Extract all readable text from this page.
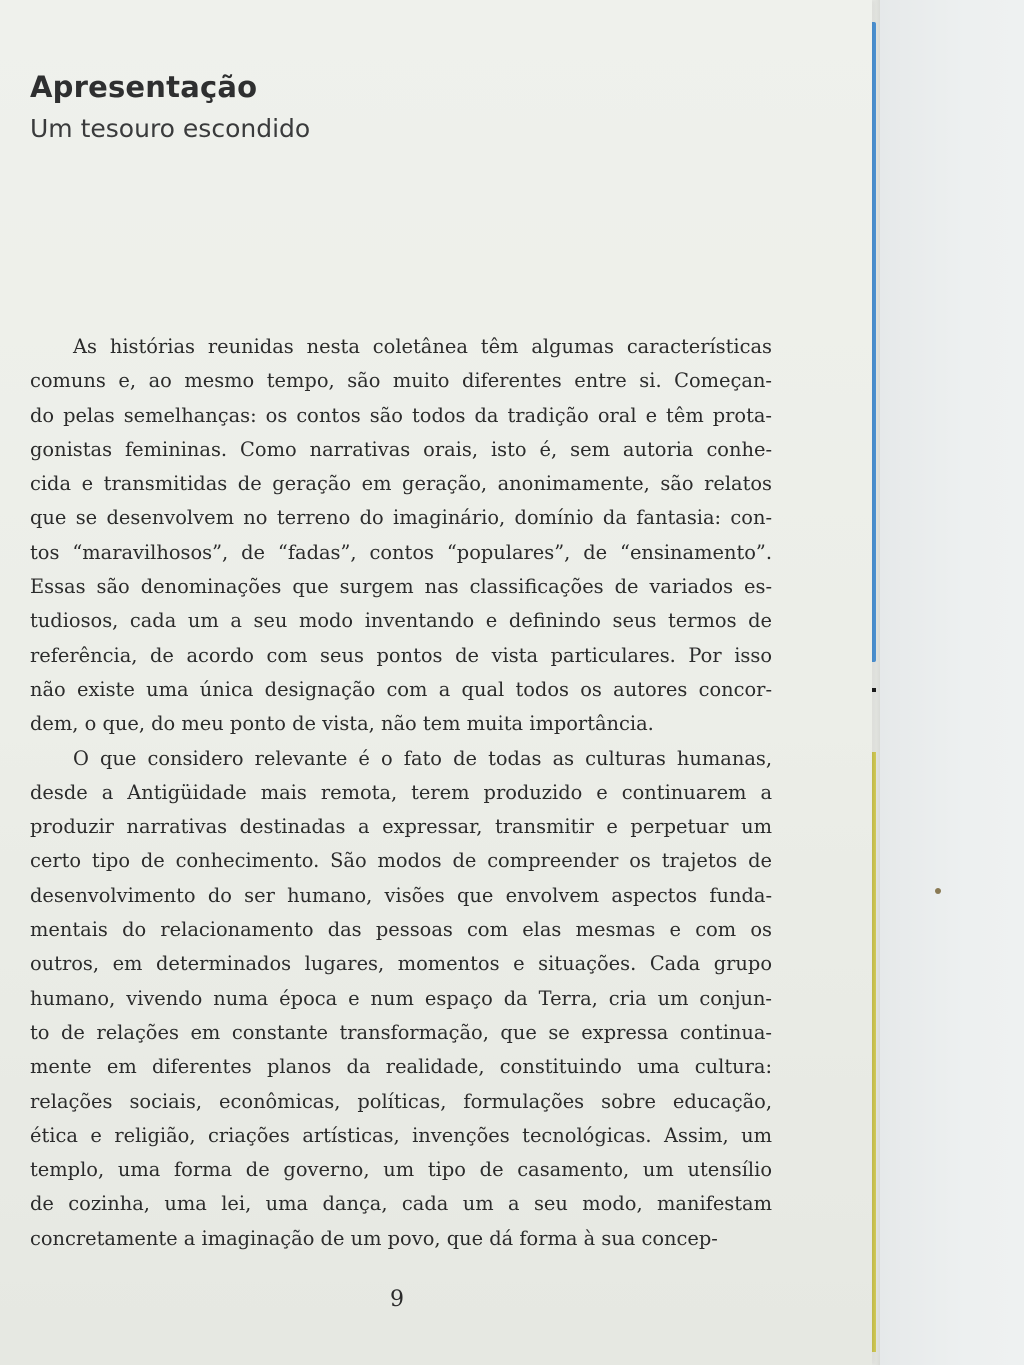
Apresentação
Um tesouro escondido

As histórias reunidas nesta coletânea têm algumas características
comuns e, ao mesmo tempo, são muito diferentes entre si. Começan-
do pelas semelhanças: os contos são todos da tradição oral e têm prota-
gonistas femininas. Como narrativas orais, isto é, sem autoria conhe-
cida e transmitidas de geração em geração, anonimamente, são relatos
que se desenvolvem no terreno do imaginário, domínio da fantasia: con-
tos “maravilhosos”, de “fadas”, contos “populares”, de “ensinamento”.
Essas são denominações que surgem nas classificações de variados es-
tudiosos, cada um a seu modo inventando e definindo seus termos de
referência, de acordo com seus pontos de vista particulares. Por isso
não existe uma única designação com a qual todos os autores concor-
dem, o que, do meu ponto de vista, não tem muita importância.

O que considero relevante é o fato de todas as culturas humanas,
desde a Antigüidade mais remota, terem produzido e continuarem a
produzir narrativas destinadas a expressar, transmitir e perpetuar um
certo tipo de conhecimento. São modos de compreender os trajetos de
desenvolvimento do ser humano, visões que envolvem aspectos funda-
mentais do relacionamento das pessoas com elas mesmas e com os
outros, em determinados lugares, momentos e situações. Cada grupo
humano, vivendo numa época e num espaço da Terra, cria um conjun-
to de relações em constante transformação, que se expressa continua-
mente em diferentes planos da realidade, constituindo uma cultura:
relações sociais, econômicas, políticas, formulações sobre educação,
ética e religião, criações artísticas, invenções tecnológicas. Assim, um
templo, uma forma de governo, um tipo de casamento, um utensílio
de cozinha, uma lei, uma dança, cada um a seu modo, manifestam
concretamente a imaginação de um povo, que dá forma à sua concep-

9
